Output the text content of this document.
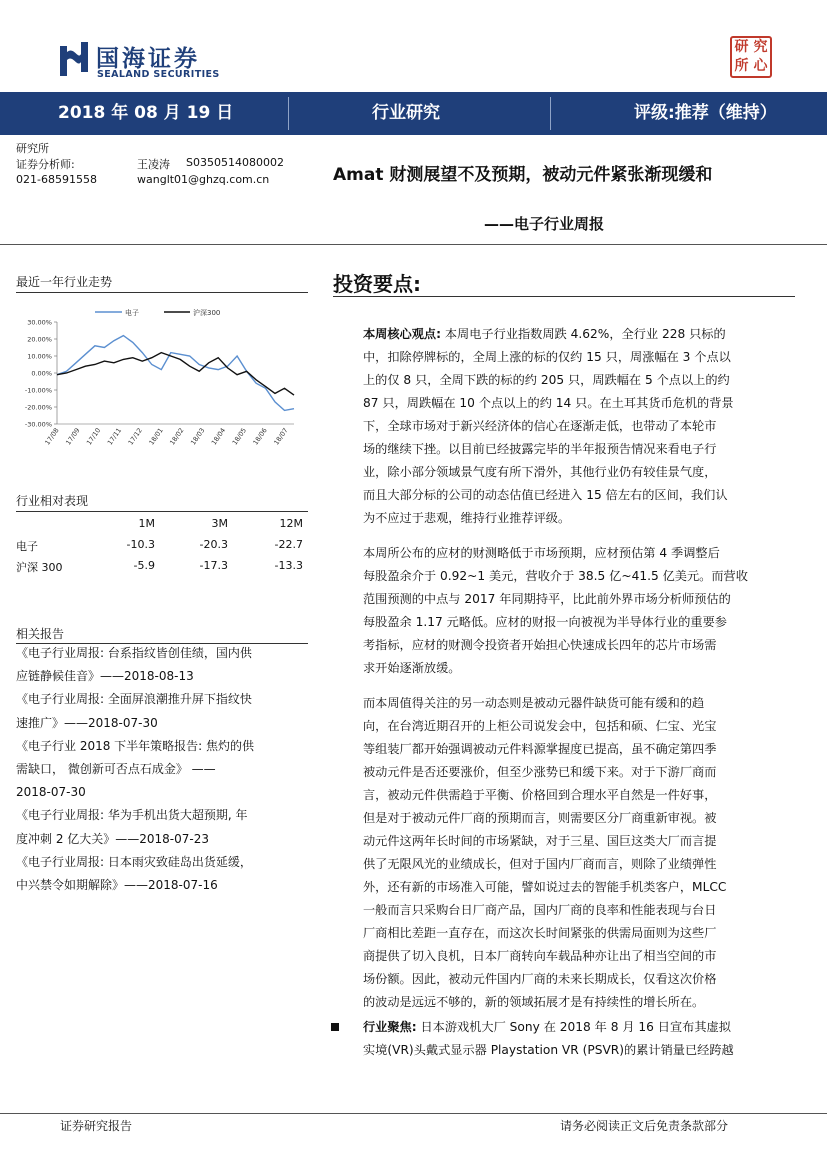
国海证券
SEALAND SECURITIES
研 究
所 心
2018 年 08 月 19 日	行业研究	评级:推荐（维持）
研究所
证券分析师:	王凌涛 S0350514080002
021-68591558	wanglt01@ghzq.com.cn	Amat 财测展望不及预期，被动元件紧张渐现缓和
——电子行业周报
最近一年行业走势
电子	沪深300
30.00%
20.00%
10.00%
0.00%
-10.00%
-20.00%
-30.00%
17/08 17/09 17/10 17/11 17/12 18/01 18/02 18/03 18/04 18/05 18/06 18/07
行业相对表现
1M	3M	12M
电子	-10.3	-20.3	-22.7
沪深 300	-5.9	-17.3	-13.3
相关报告
《电子行业周报: 台系指纹皆创佳绩，国内供
应链静候佳音》——2018-08-13
《电子行业周报: 全面屏浪潮推升屏下指纹快
速推广》——2018-07-30
《电子行业 2018 下半年策略报告: 焦灼的供
需缺口， 微创新可否点石成金》 ——
2018-07-30
《电子行业周报: 华为手机出货大超预期, 年
度冲刺 2 亿大关》——2018-07-23
《电子行业周报: 日本雨灾致硅岛出货延缓，
中兴禁令如期解除》——2018-07-16
投资要点:
本周核心观点: 本周电子行业指数周跌 4.62%，全行业 228 只标的
中，扣除停牌标的，全周上涨的标的仅约 15 只，周涨幅在 3 个点以
上的仅 8 只，全周下跌的标的约 205 只，周跌幅在 5 个点以上的约
87 只，周跌幅在 10 个点以上的约 14 只。在土耳其货币危机的背景
下，全球市场对于新兴经济体的信心在逐渐走低，也带动了本轮市
场的继续下挫。以目前已经披露完毕的半年报预告情况来看电子行
业，除小部分领域景气度有所下滑外，其他行业仍有较佳景气度，
而且大部分标的公司的动态估值已经进入 15 倍左右的区间，我们认
为不应过于悲观，维持行业推荐评级。
本周所公布的应材的财测略低于市场预期，应材预估第 4 季调整后
每股盈余介于 0.92~1 美元，营收介于 38.5 亿~41.5 亿美元。而营收
范围预测的中点与 2017 年同期持平，比此前外界市场分析师预估的
每股盈余 1.17 元略低。应材的财报一向被视为半导体行业的重要参
考指标，应材的财测令投资者开始担心快速成长四年的芯片市场需
求开始逐渐放缓。
而本周值得关注的另一动态则是被动元器件缺货可能有缓和的趋
向，在台湾近期召开的上柜公司说发会中，包括和硕、仁宝、光宝
等组装厂都开始强调被动元件料源掌握度已提高，虽不确定第四季
被动元件是否还要涨价，但至少涨势已和缓下来。对于下游厂商而
言，被动元件供需趋于平衡、价格回到合理水平自然是一件好事，
但是对于被动元件厂商的预期而言，则需要区分厂商重新审视。被
动元件这两年长时间的市场紧缺，对于三星、国巨这类大厂而言提
供了无限风光的业绩成长，但对于国内厂商而言，则除了业绩弹性
外，还有新的市场准入可能，譬如说过去的智能手机类客户，MLCC
一般而言只采购台日厂商产品，国内厂商的良率和性能表现与台日
厂商相比差距一直存在，而这次长时间紧张的供需局面则为这些厂
商提供了切入良机，日本厂商转向车载品种亦让出了相当空间的市
场份额。因此，被动元件国内厂商的未来长期成长，仅看这次价格
的波动是远远不够的，新的领域拓展才是有持续性的增长所在。
行业聚焦: 日本游戏机大厂 Sony 在 2018 年 8 月 16 日宣布其虚拟
实境(VR)头戴式显示器 Playstation VR (PSVR)的累计销量已经跨越
证券研究报告	请务必阅读正文后免责条款部分
